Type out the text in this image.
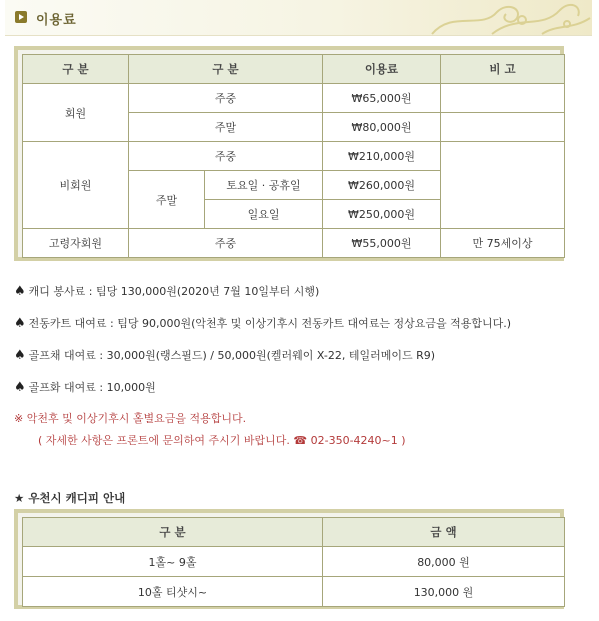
이용료
구 분	구 분		이용료	비 고
회원	주중		₩65,000원	
	주말		₩80,000원	
비회원	주중		₩210,000원	
	주말	토요일 · 공휴일	₩260,000원	
		일요일	₩250,000원	
고령자회원	주중		₩55,000원	만 75세이상
♠ 캐디 봉사료 : 팀당 130,000원(2020년 7월 10일부터 시행)
♠ 전동카트 대여료 : 팀당 90,000원(악천후 및 이상기후시 전동카트 대여료는 정상요금을 적용합니다.)
♠ 골프채 대여료 : 30,000원(랭스필드) / 50,000원(켈러웨이 X-22, 테일러메이드 R9)
♠ 골프화 대여료 : 10,000원
※ 악천후 및 이상기후시 홀별요금을 적용합니다.
( 자세한 사항은 프론트에 문의하여 주시기 바랍니다. ☎ 02-350-4240~1 )
★ 우천시 캐디피 안내
구 분	금 액
1홀~ 9홀	80,000 원
10홀 티샷시~	130,000 원
